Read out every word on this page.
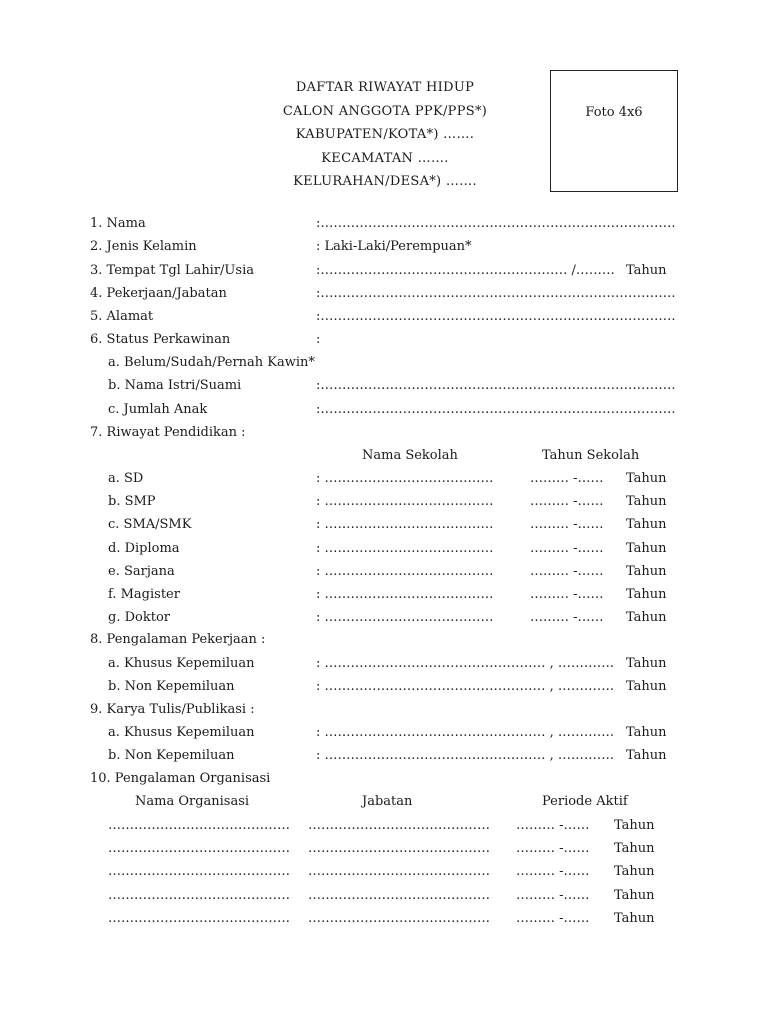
DAFTAR RIWAYAT HIDUP
CALON ANGGOTA PPK/PPS*)
KABUPATEN/KOTA*) …….
KECAMATAN …….
KELURAHAN/DESA*) …….
Foto 4x6
1. Nama	:……………………………………………………………………….
2. Jenis Kelamin	: Laki-Laki/Perempuan*
3. Tempat Tgl Lahir/Usia	:………………………………………………… /……… Tahun
4. Pekerjaan/Jabatan	:……………………………………………………………………….
5. Alamat	:……………………………………………………………………….
6. Status Perkawinan	:
a. Belum/Sudah/Pernah Kawin*
b. Nama Istri/Suami	:……………………………………………………………………….
c. Jumlah Anak	:……………………………………………………………………….
7. Riwayat Pendidikan :
Nama Sekolah	Tahun Sekolah
a. SD	: …………………………………	……… -…… Tahun
b. SMP	: …………………………………	……… -…… Tahun
c. SMA/SMK	: …………………………………	……… -…… Tahun
d. Diploma	: …………………………………	……… -…… Tahun
e. Sarjana	: …………………………………	……… -…… Tahun
f. Magister	: …………………………………	……… -…… Tahun
g. Doktor	: …………………………………	……… -…… Tahun
8. Pengalaman Pekerjaan :
a. Khusus Kepemiluan	: …………………………………………… , …………. Tahun
b. Non Kepemiluan	: …………………………………………… , …………. Tahun
9. Karya Tulis/Publikasi :
a. Khusus Kepemiluan	: …………………………………………… , …………. Tahun
b. Non Kepemiluan	: …………………………………………… , …………. Tahun
10. Pengalaman Organisasi
Nama Organisasi	Jabatan	Periode Aktif
…………………………………… …………………………………… ……… -…… Tahun
…………………………………… …………………………………… ……… -…… Tahun
…………………………………… …………………………………… ……… -…… Tahun
…………………………………… …………………………………… ……… -…… Tahun
…………………………………… …………………………………… ……… -…… Tahun
